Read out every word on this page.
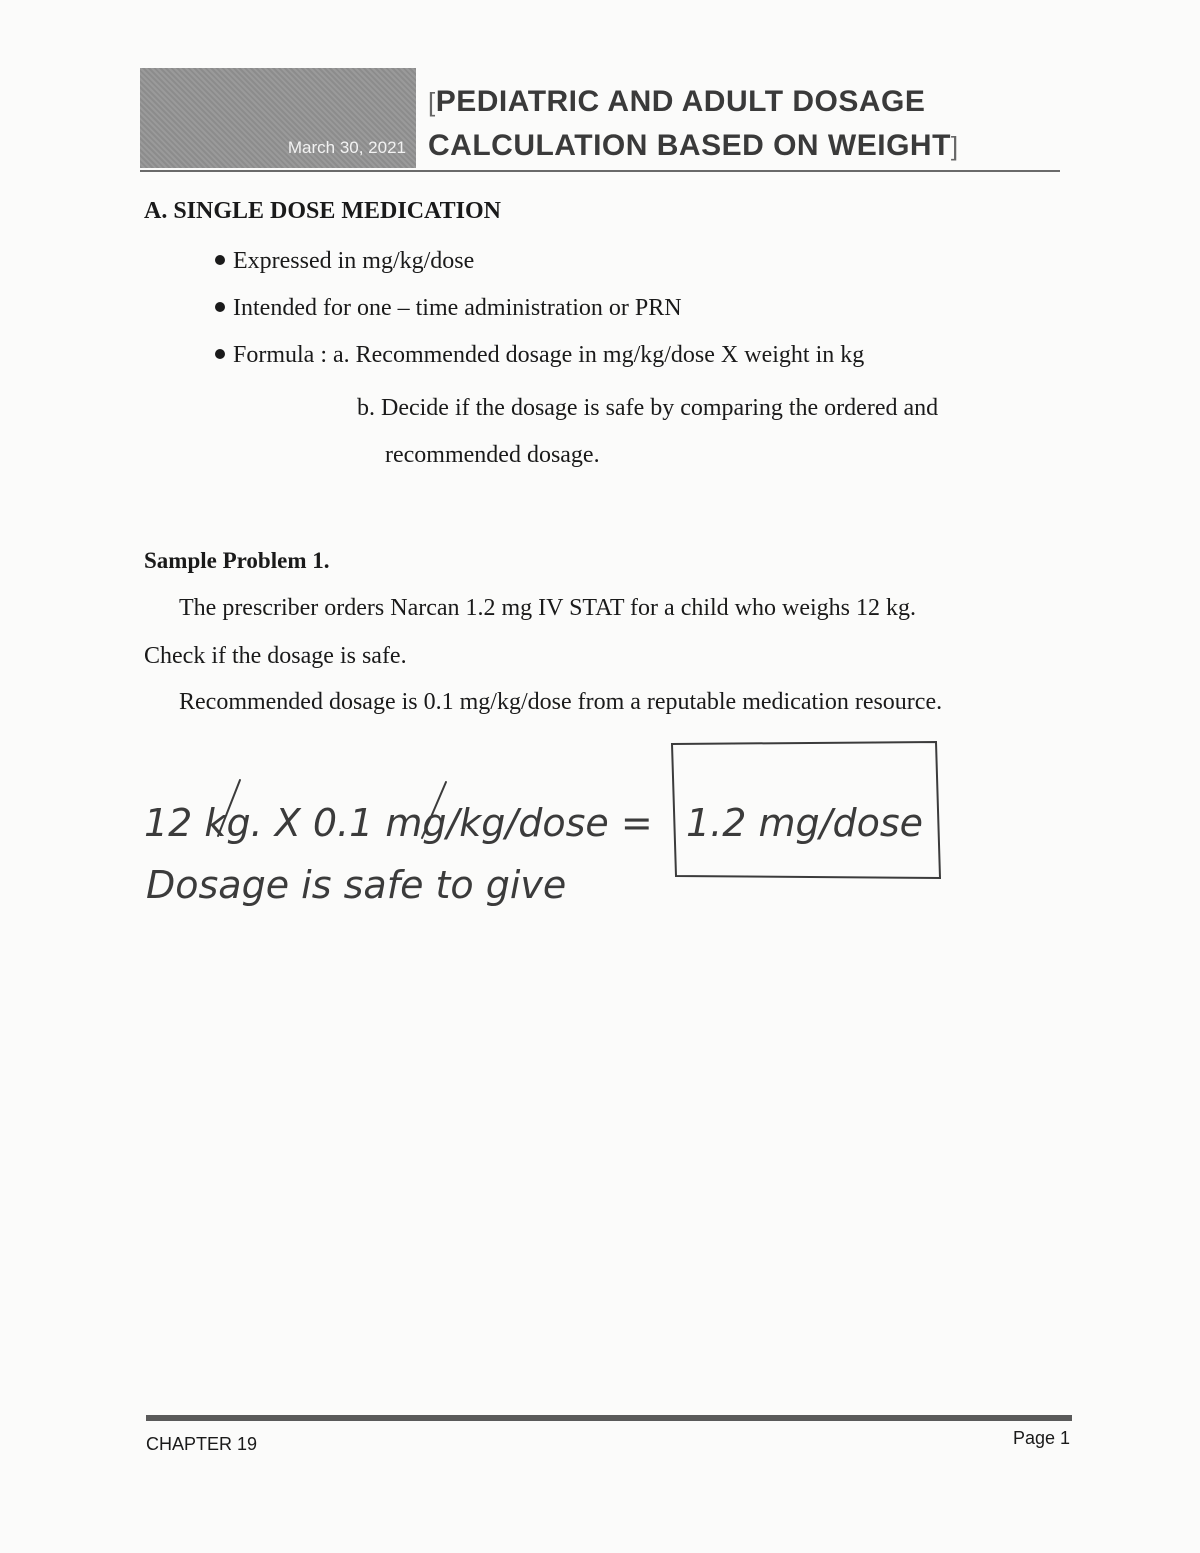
March 30, 2021
[PEDIATRIC AND ADULT DOSAGE
CALCULATION BASED ON WEIGHT]
A. SINGLE DOSE MEDICATION
Expressed in mg/kg/dose
Intended for one – time administration or PRN
Formula : a. Recommended dosage in mg/kg/dose X weight in kg
b. Decide if the dosage is safe by comparing the ordered and
recommended dosage.
Sample Problem 1.
The prescriber orders Narcan 1.2 mg IV STAT for a child who weighs 12 kg.
Check if the dosage is safe.
Recommended dosage is 0.1 mg/kg/dose from a reputable medication resource.
12 kg. X 0.1 mg/kg/dose = 1.2 mg/dose
Dosage is safe to give
CHAPTER 19	Page 1
